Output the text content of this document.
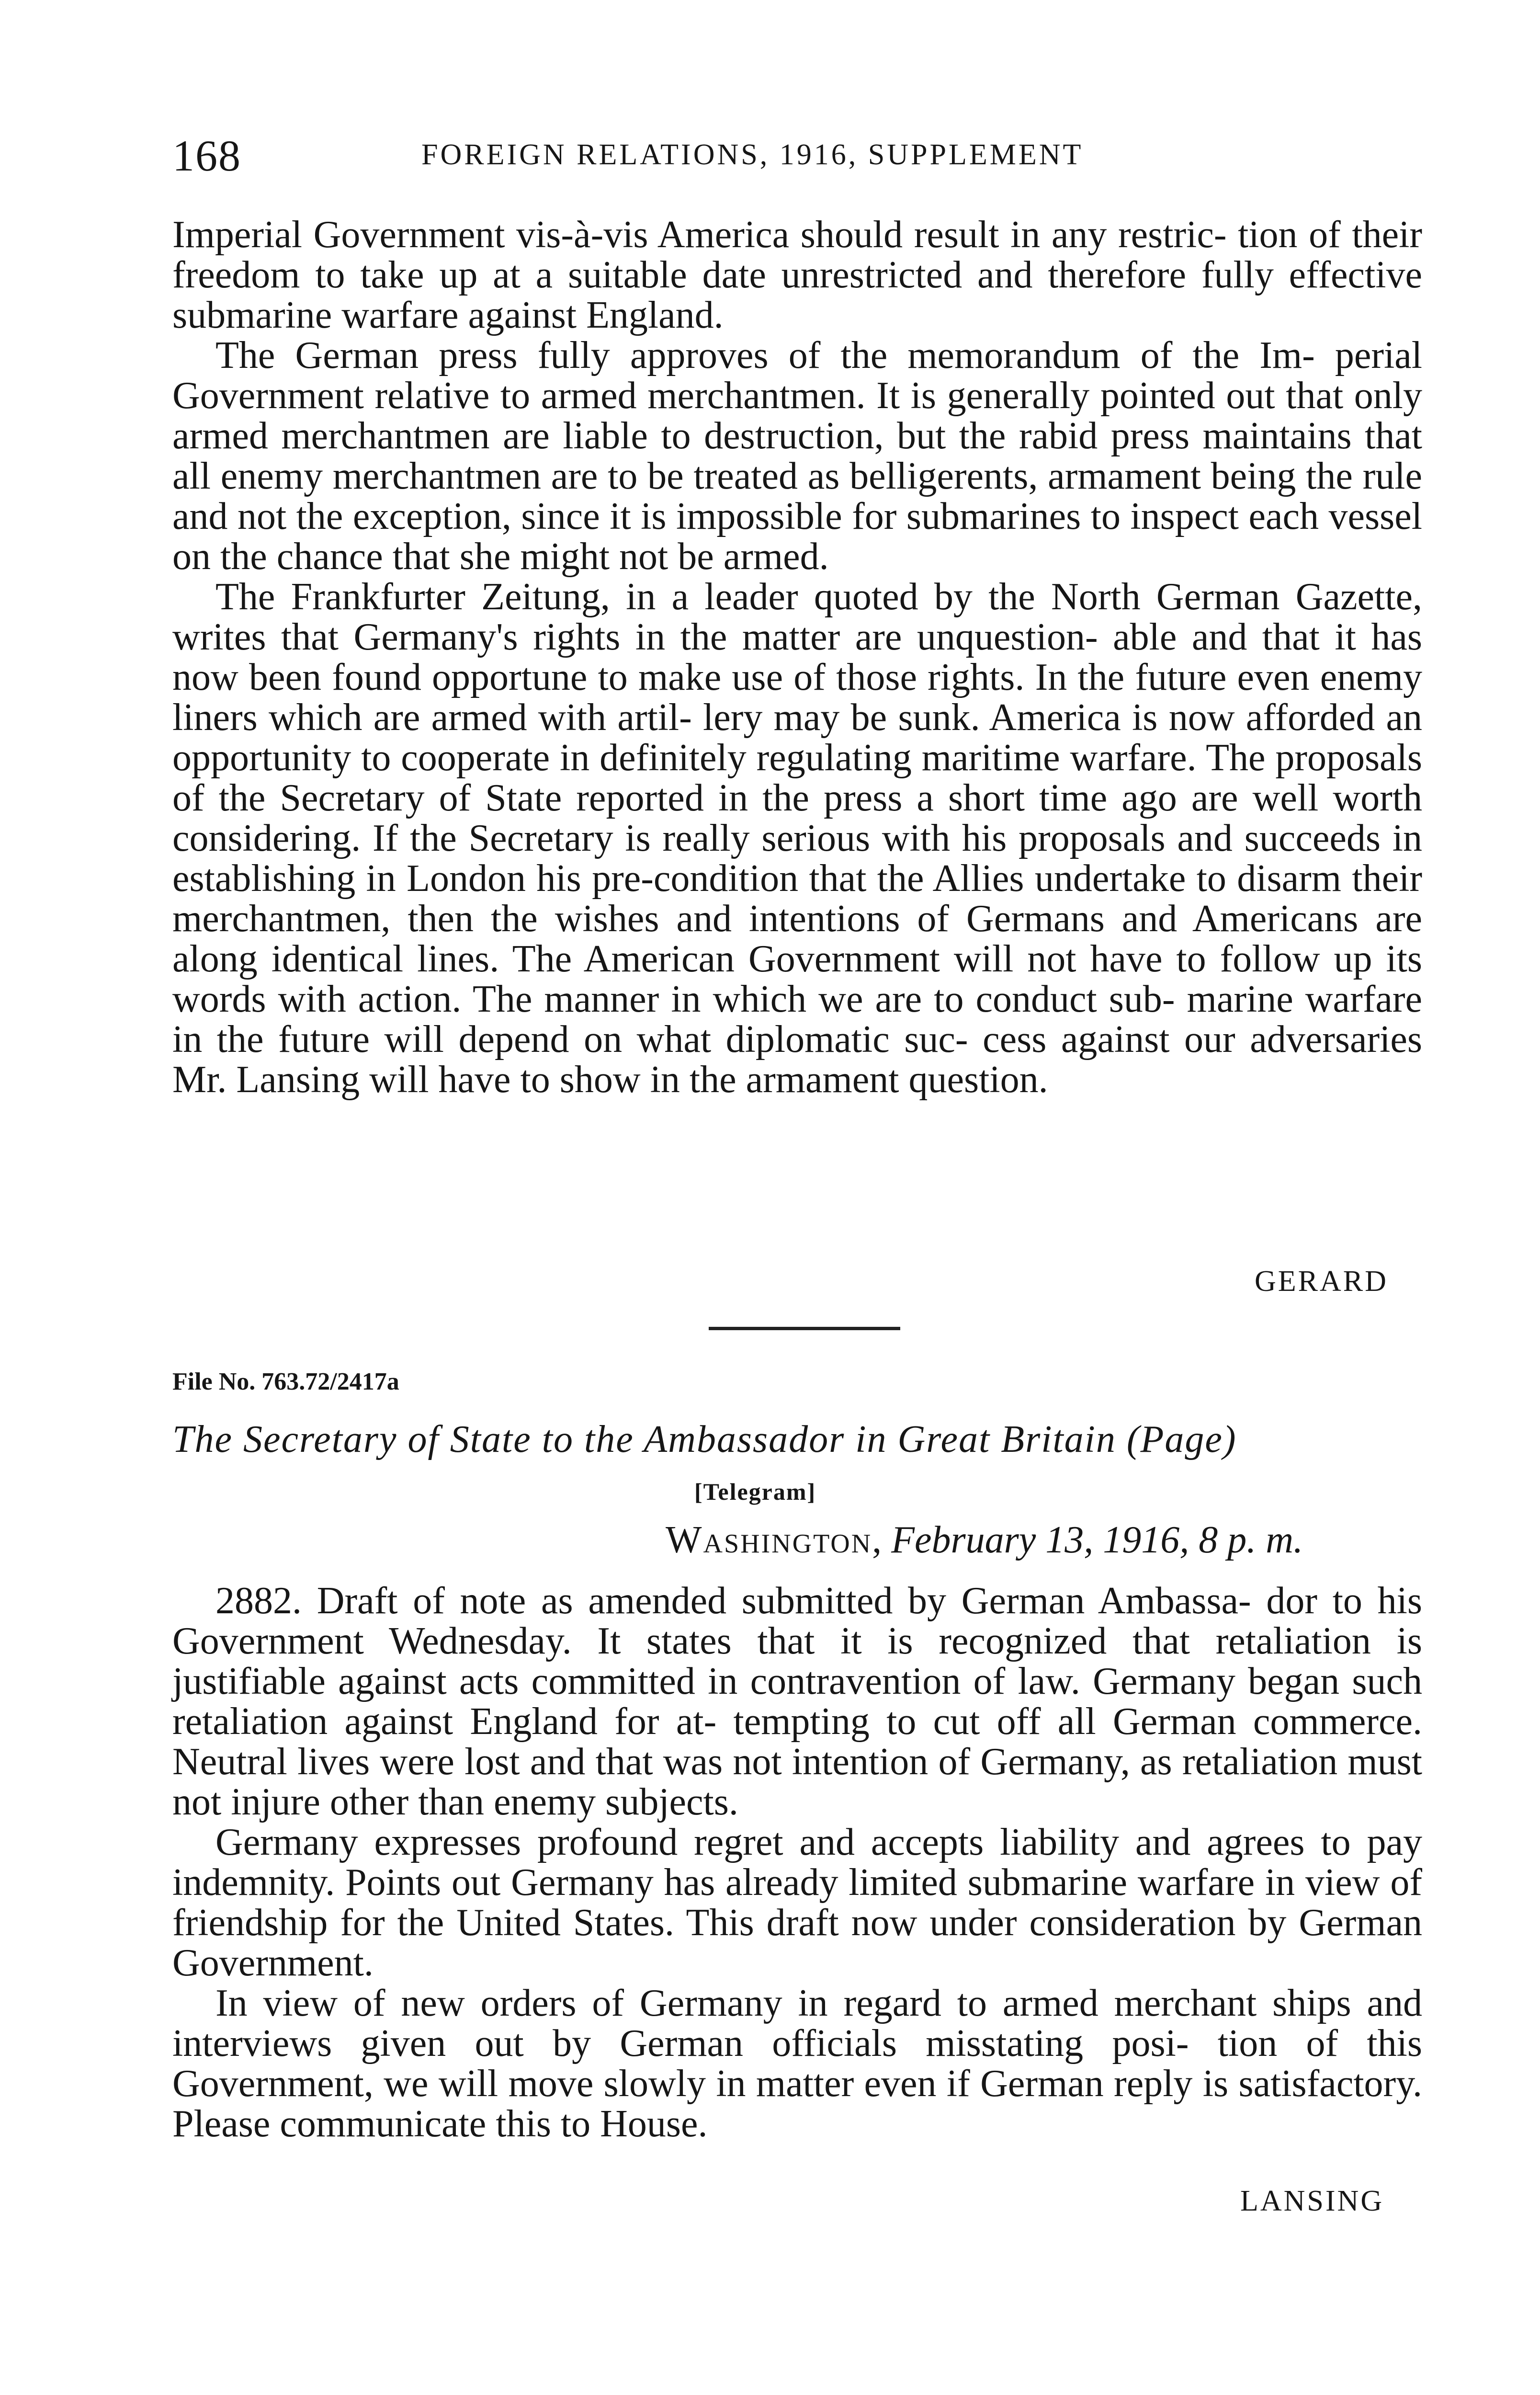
168	FOREIGN RELATIONS, 1916, SUPPLEMENT

Imperial Government vis-à-vis America should result in any restric- tion of their freedom to take up at a suitable date unrestricted and therefore fully effective submarine warfare against England.

The German press fully approves of the memorandum of the Im- perial Government relative to armed merchantmen. It is generally pointed out that only armed merchantmen are liable to destruction, but the rabid press maintains that all enemy merchantmen are to be treated as belligerents, armament being the rule and not the exception, since it is impossible for submarines to inspect each vessel on the chance that she might not be armed.

The Frankfurter Zeitung, in a leader quoted by the North German Gazette, writes that Germany's rights in the matter are unquestion- able and that it has now been found opportune to make use of those rights. In the future even enemy liners which are armed with artil- lery may be sunk. America is now afforded an opportunity to cooperate in definitely regulating maritime warfare. The proposals of the Secretary of State reported in the press a short time ago are well worth considering. If the Secretary is really serious with his proposals and succeeds in establishing in London his pre-condition that the Allies undertake to disarm their merchantmen, then the wishes and intentions of Germans and Americans are along identical lines. The American Government will not have to follow up its words with action. The manner in which we are to conduct sub- marine warfare in the future will depend on what diplomatic suc- cess against our adversaries Mr. Lansing will have to show in the armament question.

GERARD
File No. 763.72/2417a
The Secretary of State to the Ambassador in Great Britain (Page)
[Telegram]
Washington, February 13, 1916, 8 p. m.

2882. Draft of note as amended submitted by German Ambassa- dor to his Government Wednesday. It states that it is recognized that retaliation is justifiable against acts committed in contravention of law. Germany began such retaliation against England for at- tempting to cut off all German commerce. Neutral lives were lost and that was not intention of Germany, as retaliation must not injure other than enemy subjects.

Germany expresses profound regret and accepts liability and agrees to pay indemnity. Points out Germany has already limited submarine warfare in view of friendship for the United States. This draft now under consideration by German Government.

In view of new orders of Germany in regard to armed merchant ships and interviews given out by German officials misstating posi- tion of this Government, we will move slowly in matter even if German reply is satisfactory. Please communicate this to House.

LANSING
